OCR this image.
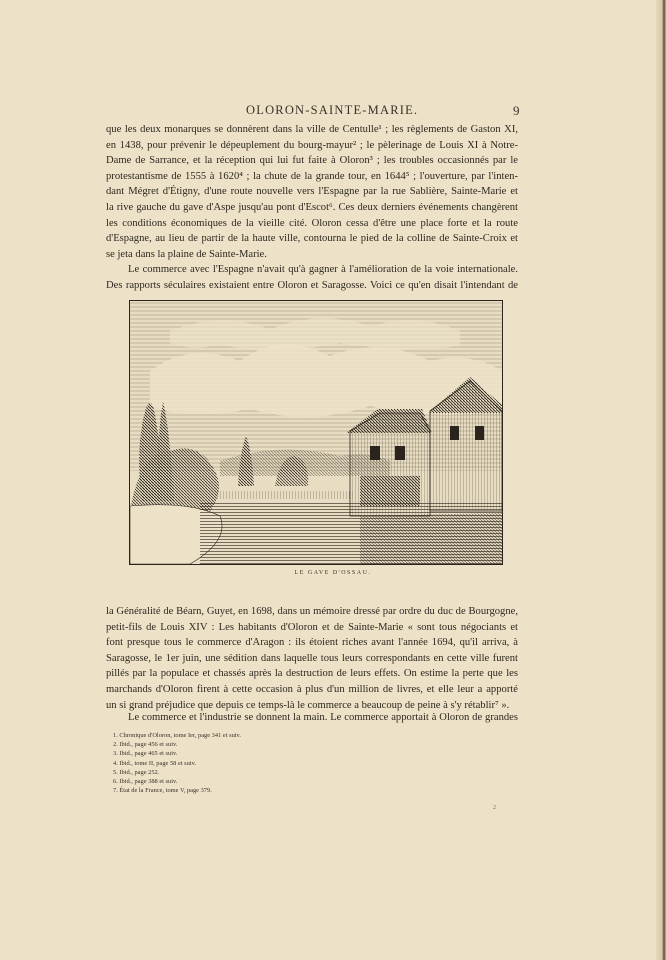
OLORON-SAINTE-MARIE.	9

que les deux monarques se donnèrent dans la ville de Centulle¹ ; les règlements de Gaston XI,

en 1438, pour prévenir le dépeuplement du bourg-mayur² ; le pèlerinage de Louis XI à Notre-

Dame de Sarrance, et la réception qui lui fut faite à Oloron³ ; les troubles occasionnés par le

protestantisme de 1555 à 1620⁴ ; la chute de la grande tour, en 1644⁵ ; l'ouverture, par l'inten-

dant Mégret d'Étigny, d'une route nouvelle vers l'Espagne par la rue Sablière, Sainte-Marie et

la rive gauche du gave d'Aspe jusqu'au pont d'Escot⁶. Ces deux derniers événements changèrent

les conditions économiques de la vieille cité. Oloron cessa d'être une place forte et la route

d'Espagne, au lieu de partir de la haute ville, contourna le pied de la colline de Sainte-Croix et

se jeta dans la plaine de Sainte-Marie.

Le commerce avec l'Espagne n'avait qu'à gagner à l'amélioration de la voie internationale.

Des rapports séculaires existaient entre Oloron et Saragosse. Voici ce qu'en disait l'intendant de

LE GAVE D'OSSAU.

la Généralité de Béarn, Guyet, en 1698, dans un mémoire dressé par ordre du duc de Bourgogne,

petit-fils de Louis XIV : Les habitants d'Oloron et de Sainte-Marie « sont tous négociants et

font presque tous le commerce d'Aragon : ils étoient riches avant l'année 1694, qu'il arriva, à

Saragosse, le 1er juin, une sédition dans laquelle tous leurs correspondants en cette ville furent

pillés par la populace et chassés après la destruction de leurs effets. On estime la perte que les

marchands d'Oloron firent à cette occasion à plus d'un million de livres, et elle leur a apporté

un si grand préjudice que depuis ce temps-là le commerce a beaucoup de peine à s'y rétablir⁷ ».

Le commerce et l'industrie se donnent la main. Le commerce apportait à Oloron de grandes

1. Chronique d'Oloron, tome Ier, page 341 et suiv.
2. Ibid., page 456 et suiv.
3. Ibid., page 465 et suiv.
4. Ibid., tome II, page 58 et suiv.
5. Ibid., page 252.
6. Ibid., page 388 et suiv.
7. État de la France, tome V, page 379.
2
